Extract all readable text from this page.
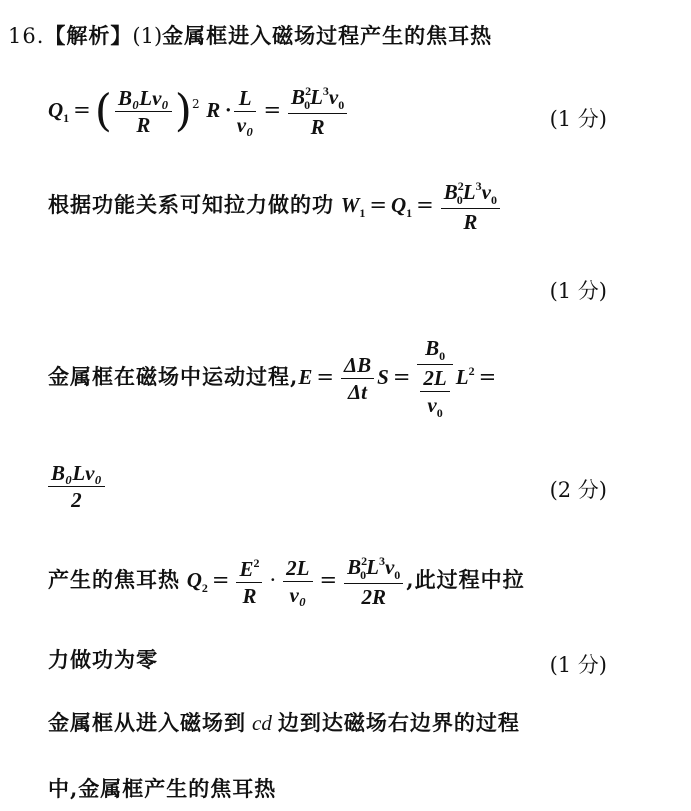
16.【解析】(1)金属框进入磁场过程产生的焦耳热
$Q_1$ =( $\frac{\text{B₀Lv₀}}{R} )^2$ $R \cdot \frac{L}{\text{v₀}} = \frac{B^2_0L^3v_0}{R}$	(1 分)
根据功能关系可知拉力做的功 $W_1 = Q_1 = \frac{B^2_0L^3v_0}{R}$
(1 分)
金属框在磁场中运动过程$,E = \frac{\Delta B}{\Delta t}$ $S = \frac{B_0}{\frac{2L}{v_0}} L^2$ =
$\frac{\text{B₀Lv₀}}{2}$	(2 分)
产生的焦耳热 $Q_2 = \frac{E^2}{R} \cdot \frac{2L}{\text{v₀}} = \frac{B^2_0L^3v_0}{2R}$ ,此过程中拉
力做功为零	(1 分)
金属框从进入磁场到 cd 边到达磁场右边界的过程
中,金属框产生的焦耳热
